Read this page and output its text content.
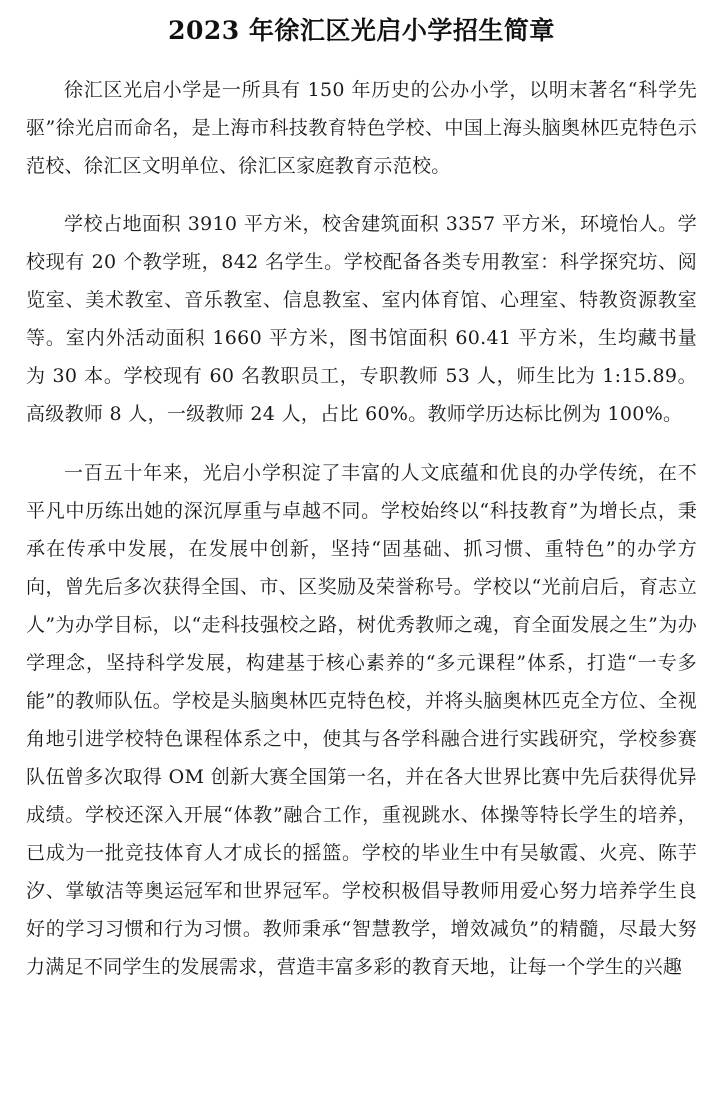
2023 年徐汇区光启小学招生简章

徐汇区光启小学是一所具有 150 年历史的公办小学，以明末著名“科学先驱”徐光启而命名，是上海市科技教育特色学校、中国上海头脑奥林匹克特色示范校、徐汇区文明单位、徐汇区家庭教育示范校。

学校占地面积 3910 平方米，校舍建筑面积 3357 平方米，环境怡人。学校现有 20 个教学班，842 名学生。学校配备各类专用教室：科学探究坊、阅览室、美术教室、音乐教室、信息教室、室内体育馆、心理室、特教资源教室等。室内外活动面积 1660 平方米，图书馆面积 60.41 平方米，生均藏书量为 30 本。学校现有 60 名教职员工，专职教师 53 人，师生比为 1:15.89。高级教师 8 人，一级教师 24 人，占比 60%。教师学历达标比例为 100%。

一百五十年来，光启小学积淀了丰富的人文底蕴和优良的办学传统，在不平凡中历练出她的深沉厚重与卓越不同。学校始终以“科技教育”为增长点，秉承在传承中发展，在发展中创新，坚持“固基础、抓习惯、重特色”的办学方向，曾先后多次获得全国、市、区奖励及荣誉称号。学校以“光前启后，育志立人”为办学目标，以“走科技强校之路，树优秀教师之魂，育全面发展之生”为办学理念，坚持科学发展，构建基于核心素养的“多元课程”体系，打造“一专多能”的教师队伍。学校是头脑奥林匹克特色校，并将头脑奥林匹克全方位、全视角地引进学校特色课程体系之中，使其与各学科融合进行实践研究，学校参赛队伍曾多次取得 OM 创新大赛全国第一名，并在各大世界比赛中先后获得优异成绩。学校还深入开展“体教”融合工作，重视跳水、体操等特长学生的培养，已成为一批竞技体育人才成长的摇篮。学校的毕业生中有吴敏霞、火亮、陈芋汐、掌敏洁等奥运冠军和世界冠军。学校积极倡导教师用爱心努力培养学生良好的学习习惯和行为习惯。教师秉承“智慧教学，增效减负”的精髓，尽最大努力满足不同学生的发展需求，营造丰富多彩的教育天地，让每一个学生的兴趣
